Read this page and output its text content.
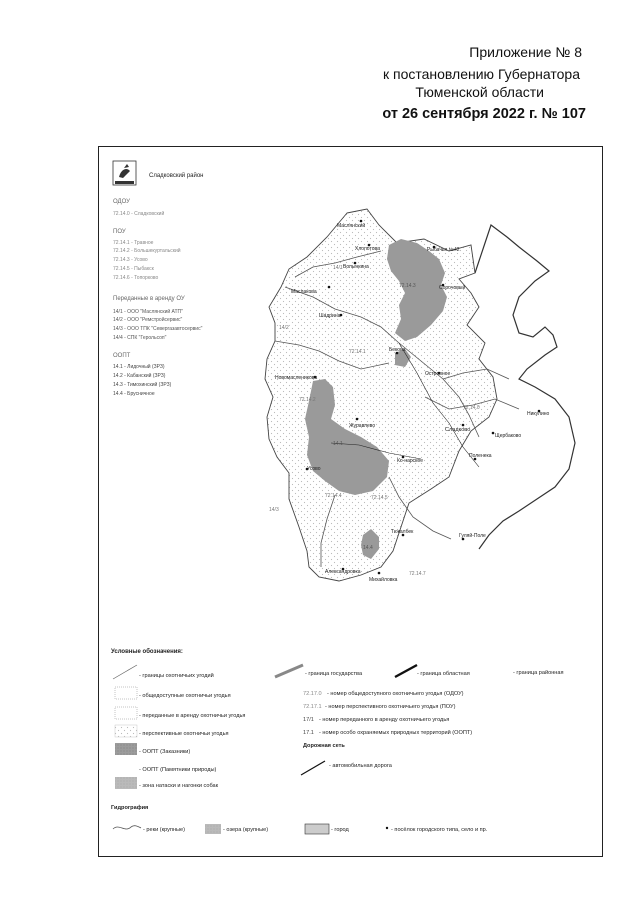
Приложение № 8
к постановлению Губернатора
Тюменской области
от 26 сентября 2022 г. № 107
Сладковский район
ОДОУ
72.14.0 - Сладковский
ПОУ
72.14.1 - Травное
72.14.2 - Большекуртальский
72.14.3 - Усово
72.14.5 - Пыбакск
72.14.6 - Топорково
Переданные в аренду ОУ
14/1 - ООО "Маслянский АТП"
14/2 - ООО "Ремстройсервис"
14/3 - ООО ТПК "Севергазавтосервис"
14/4 - СПК "Герольсоп"
ООПТ
14.1 - Лидочный (ЗРЗ)
14.2 - Кабанский (ЗРЗ)
14.3 - Тимохинский (ЗРЗ)
14.4 - Брусничное
Маслянский
Хлопотова	Рыбачья №42
Волынкина
Сорочовый
Маслакова
Шадрина
Бекова
Островное
Новомасленикова
Журавлево
Сладково
Никулино
Щербаково
Поленека
Ко-нарское
Усово
Тюкалбек
Гуляй-Поле
Александровка
Михайловка
14/1
14/2
14/3
72.14.1
72.14.2
72.14.0
72.14.4	72.14.5
72.14.7
14.4
14.1
72.14.3
Условные обозначения:
- границы охотничьих угодий	- граница государства	- граница областная	- граница районная
- общедоступные охотничьи угодья
- переданные в аренду охотничьи угодья
- перспективные охотничьи угодья
- ООПТ (Заказники)
- ООПТ (Памятники природы)
- зона натаски и нагонки собак
72.17.0 - номер общедоступного охотничьего угодья (ОДОУ)
72.17.1 - номер перспективного охотничьего угодья (ПОУ)
17/1 - номер переданного в аренду охотничьего угодья
17.1 - номер особо охраняемых природных территорий (ООПТ)
Дорожная сеть
- автомобильная дорога
Гидрография
- реки (крупные)	- озера (крупные)	- город	- посёлок городского типа, село и пр.
